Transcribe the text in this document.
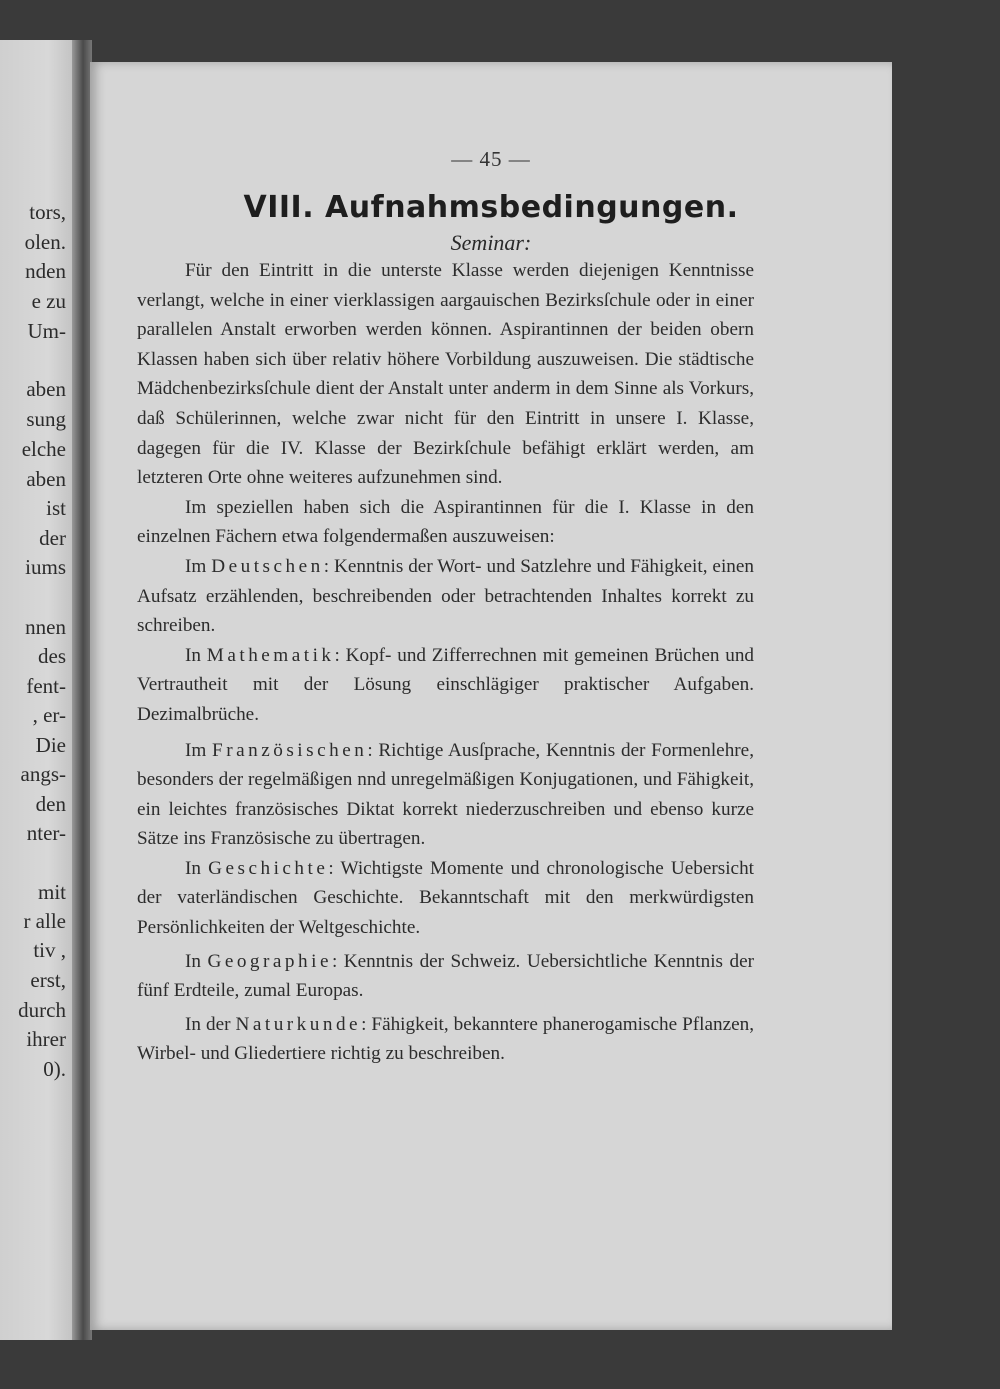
tors,

olen.

nden

e zu

Um-

aben

sung

elche

aben

ist

der

iums

nnen

des

fent-

, er-

Die

angs-

den

nter-

mit

r alle

tiv ,

erst,

durch

ihrer

0).

— 45 —
VIII. Aufnahmsbedingungen.

Seminar:

Für den Eintritt in die unterste Klasse werden diejenigen Kenntnisse verlangt, welche in einer vierklassigen aargauischen Bezirksſchule oder in einer parallelen Anstalt erworben werden können. Aspirantinnen der beiden obern Klassen haben sich über relativ höhere Vorbildung auszuweisen. Die städtische Mädchenbezirksſchule dient der Anstalt unter anderm in dem Sinne als Vorkurs, daß Schülerinnen, welche zwar nicht für den Eintritt in unsere I. Klasse, dagegen für die IV. Klasse der Bezirkſchule befähigt erklärt werden, am letzteren Orte ohne weiteres aufzunehmen sind.

Im speziellen haben sich die Aspirantinnen für die I. Klasse in den einzelnen Fächern etwa folgendermaßen auszuweisen:

Im Deutschen: Kenntnis der Wort- und Satzlehre und Fähigkeit, einen Aufsatz erzählenden, beschreibenden oder betrachtenden Inhaltes korrekt zu schreiben.

In Mathematik: Kopf- und Zifferrechnen mit gemeinen Brüchen und Vertrautheit mit der Lösung einschlägiger praktischer Aufgaben. Dezimalbrüche.

Im Französischen: Richtige Ausſprache, Kenntnis der Formenlehre, besonders der regelmäßigen nnd unregelmäßigen Konjugationen, und Fähigkeit, ein leichtes französisches Diktat korrekt niederzuschreiben und ebenso kurze Sätze ins Französische zu übertragen.

In Geschichte: Wichtigste Momente und chronologische Uebersicht der vaterländischen Geschichte. Bekanntschaft mit den merkwürdigsten Persönlichkeiten der Weltgeschichte.

In Geographie: Kenntnis der Schweiz. Uebersichtliche Kenntnis der fünf Erdteile, zumal Europas.

In der Naturkunde: Fähigkeit, bekanntere phanerogamische Pflanzen, Wirbel- und Gliedertiere richtig zu beschreiben.
